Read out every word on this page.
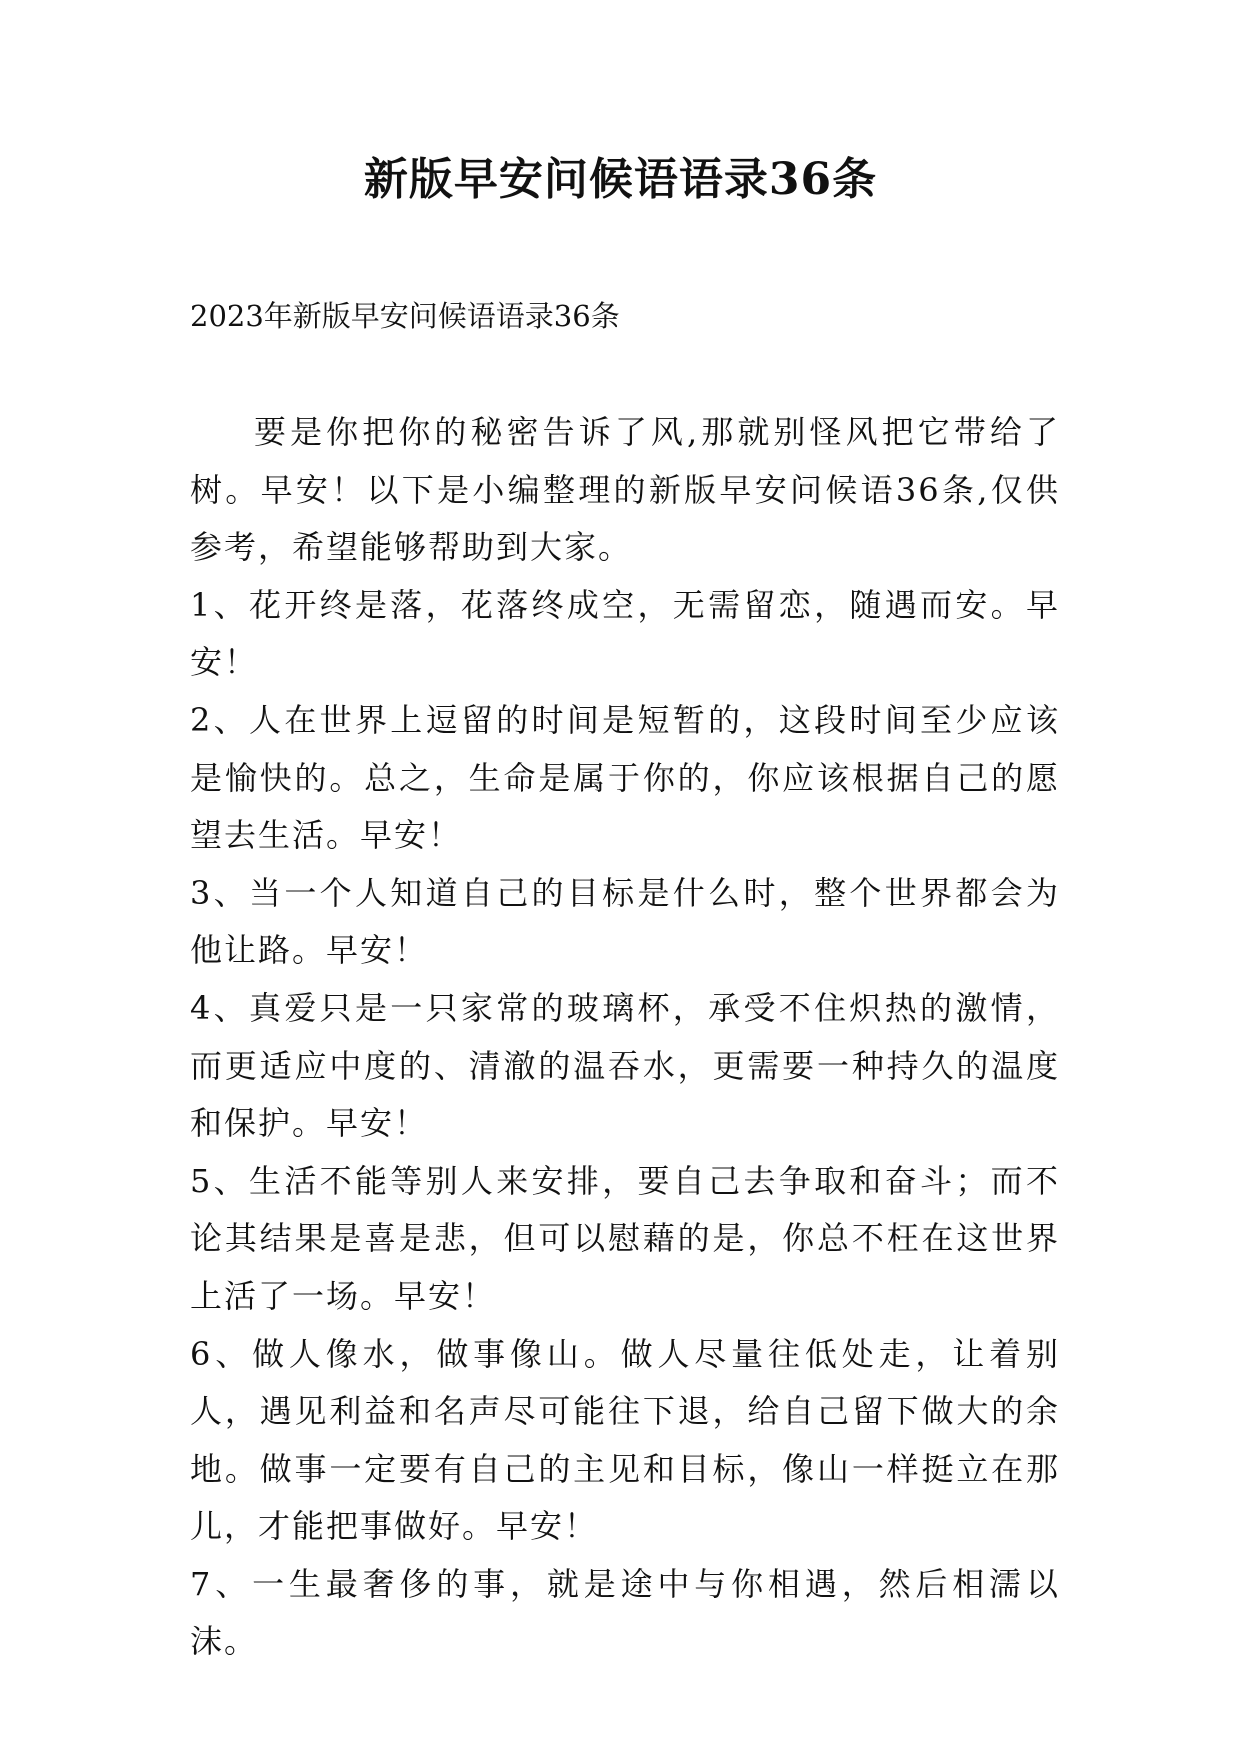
新版早安问候语语录36条
2023年新版早安问候语语录36条

要是你把你的秘密告诉了风,那就别怪风把它带给了树。早安！以下是小编整理的新版早安问候语36条,仅供参考，希望能够帮助到大家。

1、花开终是落，花落终成空，无需留恋，随遇而安。早安！

2、人在世界上逗留的时间是短暂的，这段时间至少应该是愉快的。总之，生命是属于你的，你应该根据自己的愿望去生活。早安！

3、当一个人知道自己的目标是什么时，整个世界都会为他让路。早安！

4、真爱只是一只家常的玻璃杯，承受不住炽热的激情，而更适应中度的、清澈的温吞水，更需要一种持久的温度和保护。早安！

5、生活不能等别人来安排，要自己去争取和奋斗；而不论其结果是喜是悲，但可以慰藉的是，你总不枉在这世界上活了一场。早安！

6、做人像水，做事像山。做人尽量往低处走，让着别人，遇见利益和名声尽可能往下退，给自己留下做大的余地。做事一定要有自己的主见和目标，像山一样挺立在那儿，才能把事做好。早安！

7、一生最奢侈的事，就是途中与你相遇，然后相濡以沫。
